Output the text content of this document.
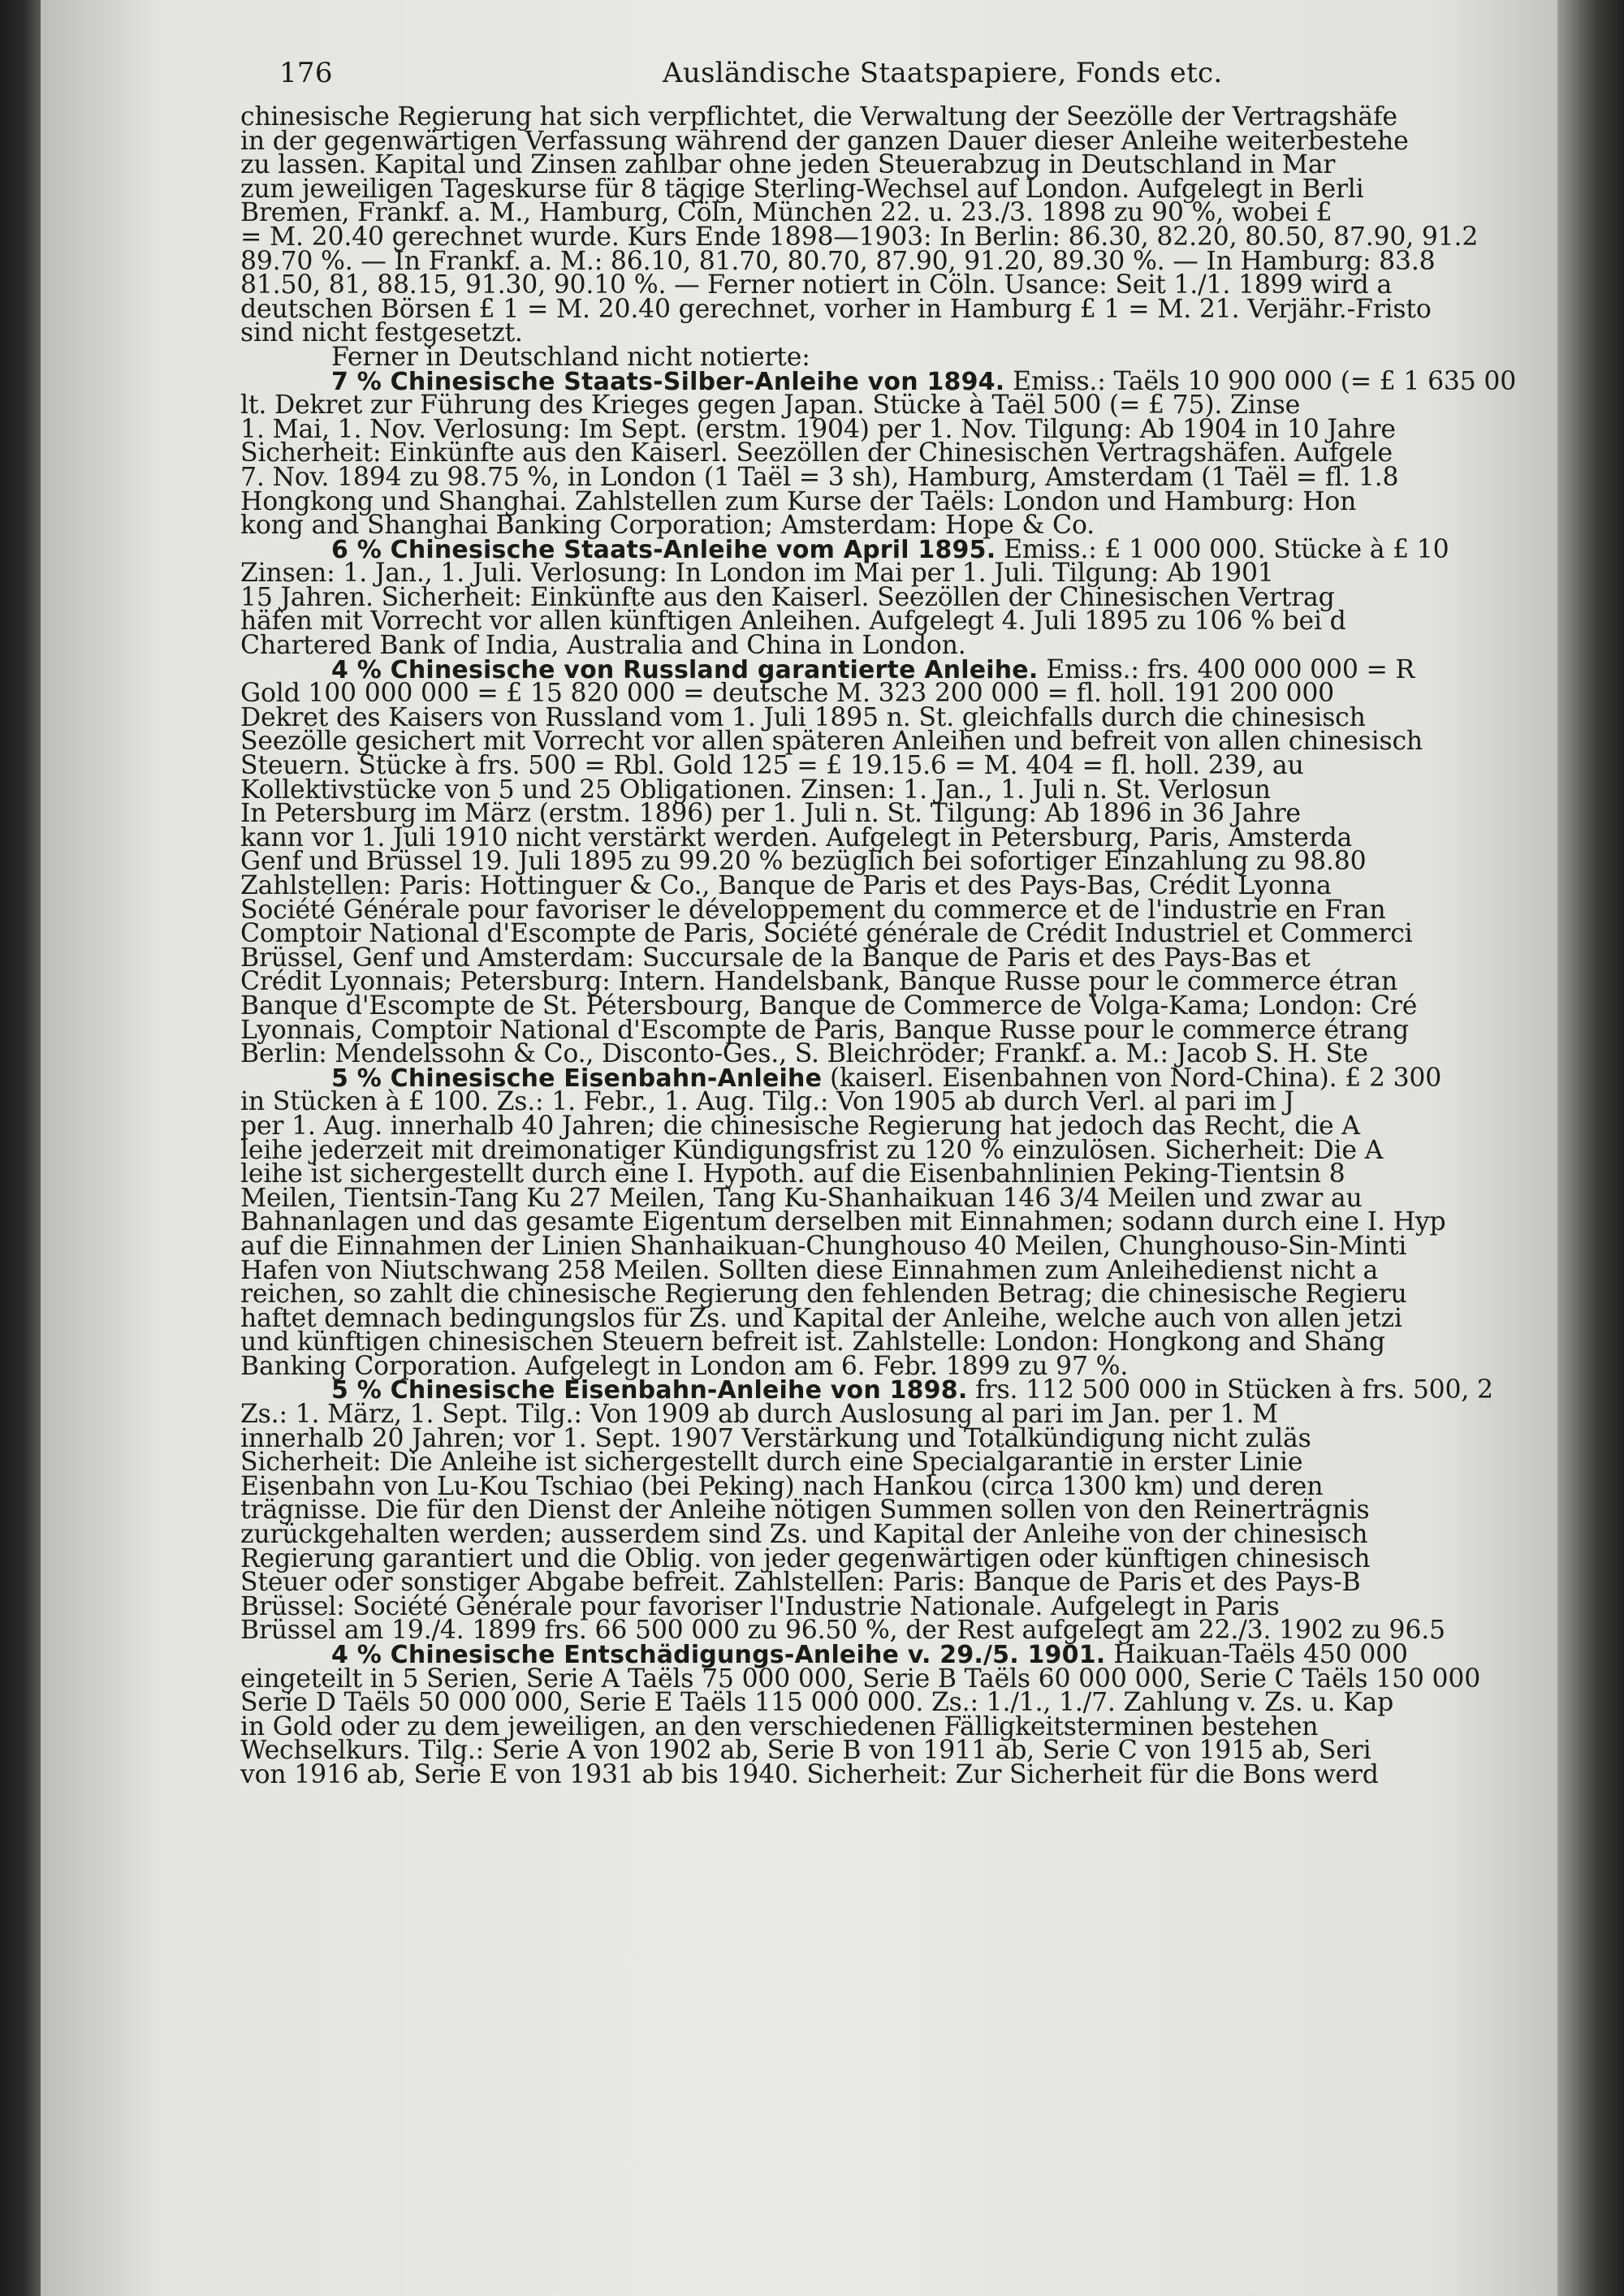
176	Ausländische Staatspapiere, Fonds etc.
chinesische Regierung hat sich verpflichtet, die Verwaltung der Seezölle der Vertragshäfe
in der gegenwärtigen Verfassung während der ganzen Dauer dieser Anleihe weiterbestehe
zu lassen. Kapital und Zinsen zahlbar ohne jeden Steuerabzug in Deutschland in Mar
zum jeweiligen Tageskurse für 8 tägige Sterling-Wechsel auf London. Aufgelegt in Berli
Bremen, Frankf. a. M., Hamburg, Cöln, München 22. u. 23./3. 1898 zu 90 %, wobei £
= M. 20.40 gerechnet wurde. Kurs Ende 1898—1903: In Berlin: 86.30, 82.20, 80.50, 87.90, 91.2
89.70 %. — In Frankf. a. M.: 86.10, 81.70, 80.70, 87.90, 91.20, 89.30 %. — In Hamburg: 83.8
81.50, 81, 88.15, 91.30, 90.10 %. — Ferner notiert in Cöln. Usance: Seit 1./1. 1899 wird a
deutschen Börsen £ 1 = M. 20.40 gerechnet, vorher in Hamburg £ 1 = M. 21. Verjähr.-Fristo
sind nicht festgesetzt.
Ferner in Deutschland nicht notierte:
7 % Chinesische Staats-Silber-Anleihe von 1894. Emiss.: Taëls 10 900 000 (= £ 1 635 00
lt. Dekret zur Führung des Krieges gegen Japan. Stücke à Taël 500 (= £ 75). Zinse
1. Mai, 1. Nov. Verlosung: Im Sept. (erstm. 1904) per 1. Nov. Tilgung: Ab 1904 in 10 Jahre
Sicherheit: Einkünfte aus den Kaiserl. Seezöllen der Chinesischen Vertragshäfen. Aufgele
7. Nov. 1894 zu 98.75 %, in London (1 Taël = 3 sh), Hamburg, Amsterdam (1 Taël = fl. 1.8
Hongkong und Shanghai. Zahlstellen zum Kurse der Taëls: London und Hamburg: Hon
kong and Shanghai Banking Corporation; Amsterdam: Hope & Co.
6 % Chinesische Staats-Anleihe vom April 1895. Emiss.: £ 1 000 000. Stücke à £ 10
Zinsen: 1. Jan., 1. Juli. Verlosung: In London im Mai per 1. Juli. Tilgung: Ab 1901
15 Jahren. Sicherheit: Einkünfte aus den Kaiserl. Seezöllen der Chinesischen Vertrag
häfen mit Vorrecht vor allen künftigen Anleihen. Aufgelegt 4. Juli 1895 zu 106 % bei d
Chartered Bank of India, Australia and China in London.
4 % Chinesische von Russland garantierte Anleihe. Emiss.: frs. 400 000 000 = R
Gold 100 000 000 = £ 15 820 000 = deutsche M. 323 200 000 = fl. holl. 191 200 000
Dekret des Kaisers von Russland vom 1. Juli 1895 n. St. gleichfalls durch die chinesisch
Seezölle gesichert mit Vorrecht vor allen späteren Anleihen und befreit von allen chinesisch
Steuern. Stücke à frs. 500 = Rbl. Gold 125 = £ 19.15.6 = M. 404 = fl. holl. 239, au
Kollektivstücke von 5 und 25 Obligationen. Zinsen: 1. Jan., 1. Juli n. St. Verlosun
In Petersburg im März (erstm. 1896) per 1. Juli n. St. Tilgung: Ab 1896 in 36 Jahre
kann vor 1. Juli 1910 nicht verstärkt werden. Aufgelegt in Petersburg, Paris, Amsterda
Genf und Brüssel 19. Juli 1895 zu 99.20 % bezüglich bei sofortiger Einzahlung zu 98.80
Zahlstellen: Paris: Hottinguer & Co., Banque de Paris et des Pays-Bas, Crédit Lyonna
Société Générale pour favoriser le développement du commerce et de l'industrie en Fran
Comptoir National d'Escompte de Paris, Société générale de Crédit Industriel et Commerci
Brüssel, Genf und Amsterdam: Succursale de la Banque de Paris et des Pays-Bas et
Crédit Lyonnais; Petersburg: Intern. Handelsbank, Banque Russe pour le commerce étran
Banque d'Escompte de St. Pétersbourg, Banque de Commerce de Volga-Kama; London: Cré
Lyonnais, Comptoir National d'Escompte de Paris, Banque Russe pour le commerce étrang
Berlin: Mendelssohn & Co., Disconto-Ges., S. Bleichröder; Frankf. a. M.: Jacob S. H. Ste
5 % Chinesische Eisenbahn-Anleihe (kaiserl. Eisenbahnen von Nord-China). £ 2 300
in Stücken à £ 100. Zs.: 1. Febr., 1. Aug. Tilg.: Von 1905 ab durch Verl. al pari im J
per 1. Aug. innerhalb 40 Jahren; die chinesische Regierung hat jedoch das Recht, die A
leihe jederzeit mit dreimonatiger Kündigungsfrist zu 120 % einzulösen. Sicherheit: Die A
leihe ist sichergestellt durch eine I. Hypoth. auf die Eisenbahnlinien Peking-Tientsin 8
Meilen, Tientsin-Tang Ku 27 Meilen, Tang Ku-Shanhaikuan 146 3/4 Meilen und zwar au
Bahnanlagen und das gesamte Eigentum derselben mit Einnahmen; sodann durch eine I. Hyp
auf die Einnahmen der Linien Shanhaikuan-Chunghouso 40 Meilen, Chunghouso-Sin-Minti
Hafen von Niutschwang 258 Meilen. Sollten diese Einnahmen zum Anleihedienst nicht a
reichen, so zahlt die chinesische Regierung den fehlenden Betrag; die chinesische Regieru
haftet demnach bedingungslos für Zs. und Kapital der Anleihe, welche auch von allen jetzi
und künftigen chinesischen Steuern befreit ist. Zahlstelle: London: Hongkong and Shang
Banking Corporation. Aufgelegt in London am 6. Febr. 1899 zu 97 %.
5 % Chinesische Eisenbahn-Anleihe von 1898. frs. 112 500 000 in Stücken à frs. 500, 2
Zs.: 1. März, 1. Sept. Tilg.: Von 1909 ab durch Auslosung al pari im Jan. per 1. M
innerhalb 20 Jahren; vor 1. Sept. 1907 Verstärkung und Totalkündigung nicht zuläs
Sicherheit: Die Anleihe ist sichergestellt durch eine Specialgarantie in erster Linie
Eisenbahn von Lu-Kou Tschiao (bei Peking) nach Hankou (circa 1300 km) und deren
trägnisse. Die für den Dienst der Anleihe nötigen Summen sollen von den Reinerträgnis
zurückgehalten werden; ausserdem sind Zs. und Kapital der Anleihe von der chinesisch
Regierung garantiert und die Oblig. von jeder gegenwärtigen oder künftigen chinesisch
Steuer oder sonstiger Abgabe befreit. Zahlstellen: Paris: Banque de Paris et des Pays-B
Brüssel: Société Générale pour favoriser l'Industrie Nationale. Aufgelegt in Paris
Brüssel am 19./4. 1899 frs. 66 500 000 zu 96.50 %, der Rest aufgelegt am 22./3. 1902 zu 96.5
4 % Chinesische Entschädigungs-Anleihe v. 29./5. 1901. Haikuan-Taëls 450 000
eingeteilt in 5 Serien, Serie A Taëls 75 000 000, Serie B Taëls 60 000 000, Serie C Taëls 150 000
Serie D Taëls 50 000 000, Serie E Taëls 115 000 000. Zs.: 1./1., 1./7. Zahlung v. Zs. u. Kap
in Gold oder zu dem jeweiligen, an den verschiedenen Fälligkeitsterminen bestehen
Wechselkurs. Tilg.: Serie A von 1902 ab, Serie B von 1911 ab, Serie C von 1915 ab, Seri
von 1916 ab, Serie E von 1931 ab bis 1940. Sicherheit: Zur Sicherheit für die Bons werd
